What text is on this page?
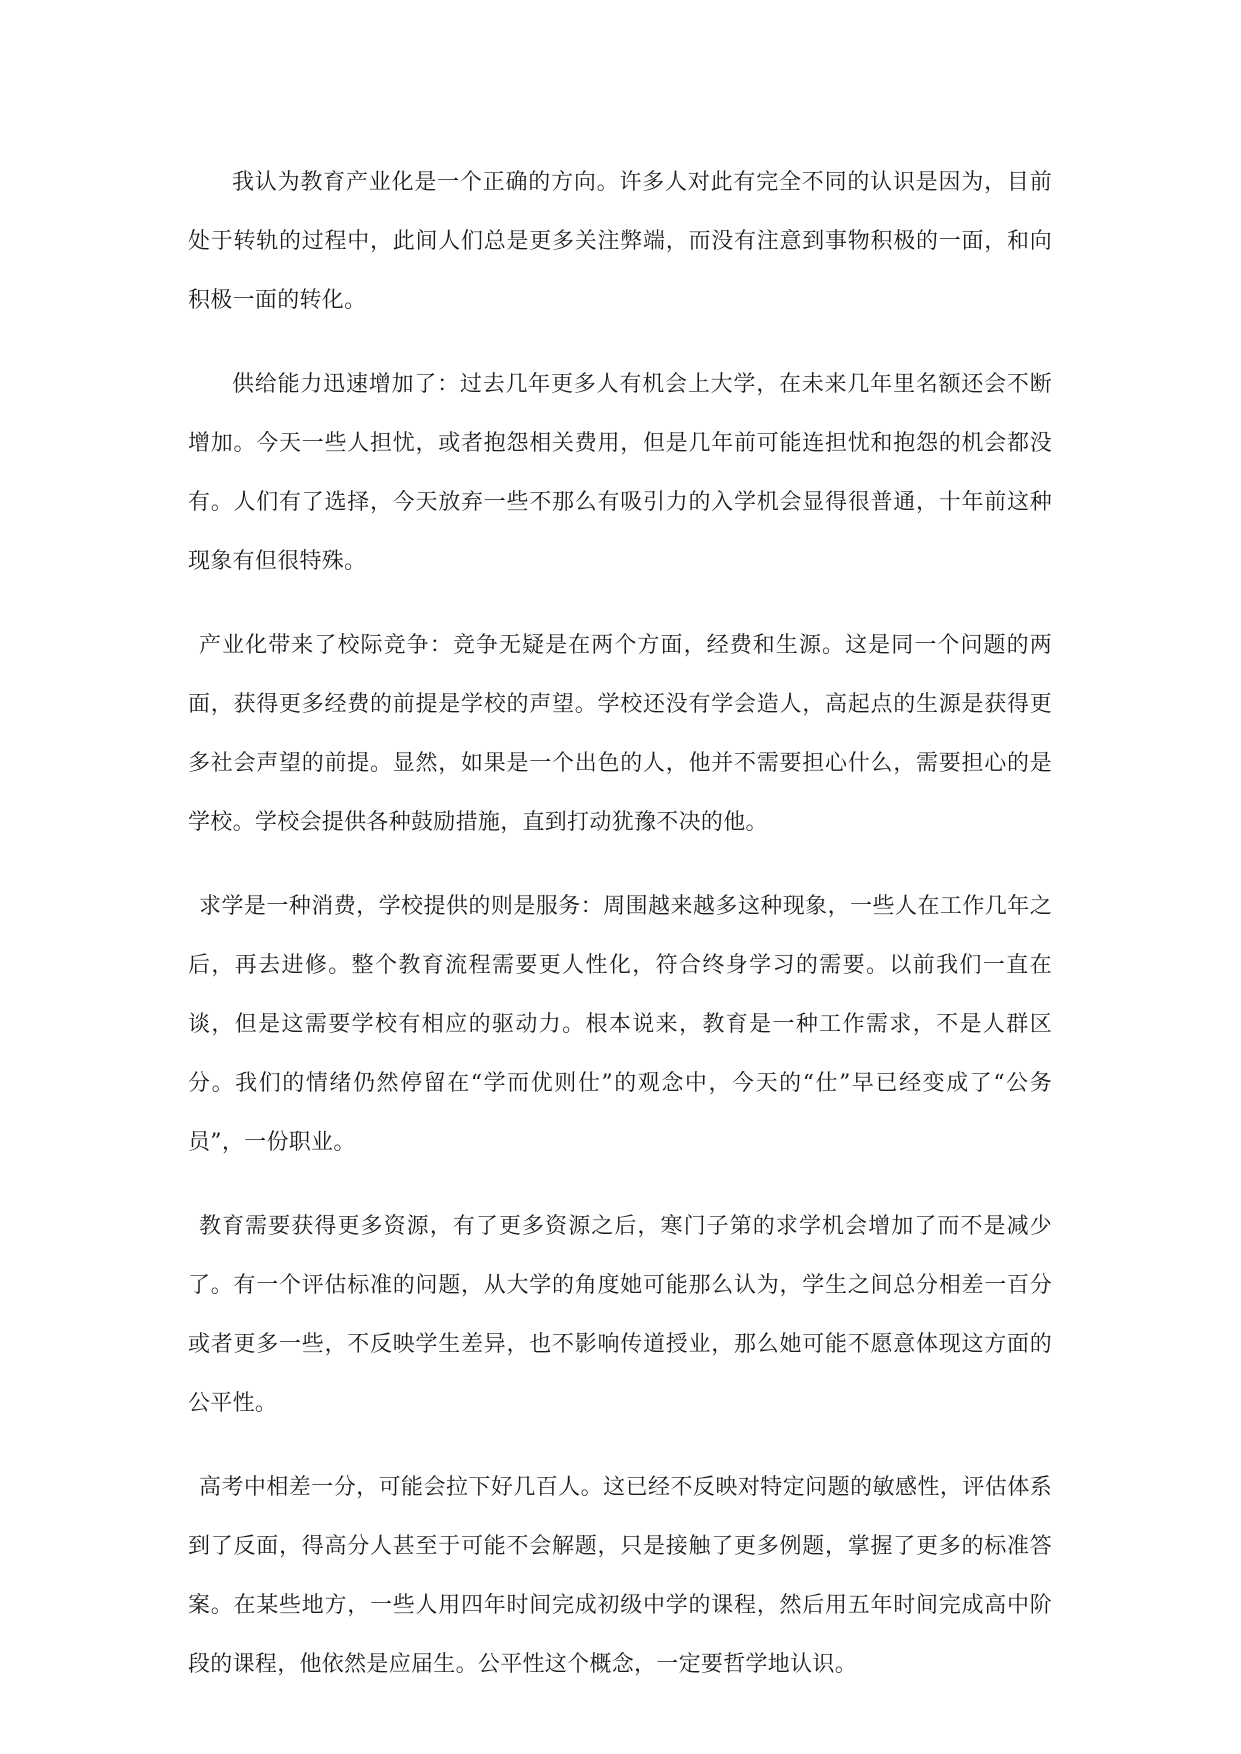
我认为教育产业化是一个正确的方向。许多人对此有完全不同的认识是因为，目前处于转轨的过程中，此间人们总是更多关注弊端，而没有注意到事物积极的一面，和向积极一面的转化。

供给能力迅速增加了：过去几年更多人有机会上大学，在未来几年里名额还会不断增加。今天一些人担忧，或者抱怨相关费用，但是几年前可能连担忧和抱怨的机会都没有。人们有了选择，今天放弃一些不那么有吸引力的入学机会显得很普通，十年前这种现象有但很特殊。

产业化带来了校际竞争：竞争无疑是在两个方面，经费和生源。这是同一个问题的两面，获得更多经费的前提是学校的声望。学校还没有学会造人，高起点的生源是获得更多社会声望的前提。显然，如果是一个出色的人，他并不需要担心什么，需要担心的是学校。学校会提供各种鼓励措施，直到打动犹豫不决的他。

求学是一种消费，学校提供的则是服务：周围越来越多这种现象，一些人在工作几年之后，再去进修。整个教育流程需要更人性化，符合终身学习的需要。以前我们一直在谈，但是这需要学校有相应的驱动力。根本说来，教育是一种工作需求，不是人群区分。我们的情绪仍然停留在“学而优则仕”的观念中，今天的“仕”早已经变成了“公务员”，一份职业。

教育需要获得更多资源，有了更多资源之后，寒门子第的求学机会增加了而不是减少了。有一个评估标准的问题，从大学的角度她可能那么认为，学生之间总分相差一百分或者更多一些，不反映学生差异，也不影响传道授业，那么她可能不愿意体现这方面的公平性。

高考中相差一分，可能会拉下好几百人。这已经不反映对特定问题的敏感性，评估体系到了反面，得高分人甚至于可能不会解题，只是接触了更多例题，掌握了更多的标准答案。在某些地方，一些人用四年时间完成初级中学的课程，然后用五年时间完成高中阶段的课程，他依然是应届生。公平性这个概念，一定要哲学地认识。
